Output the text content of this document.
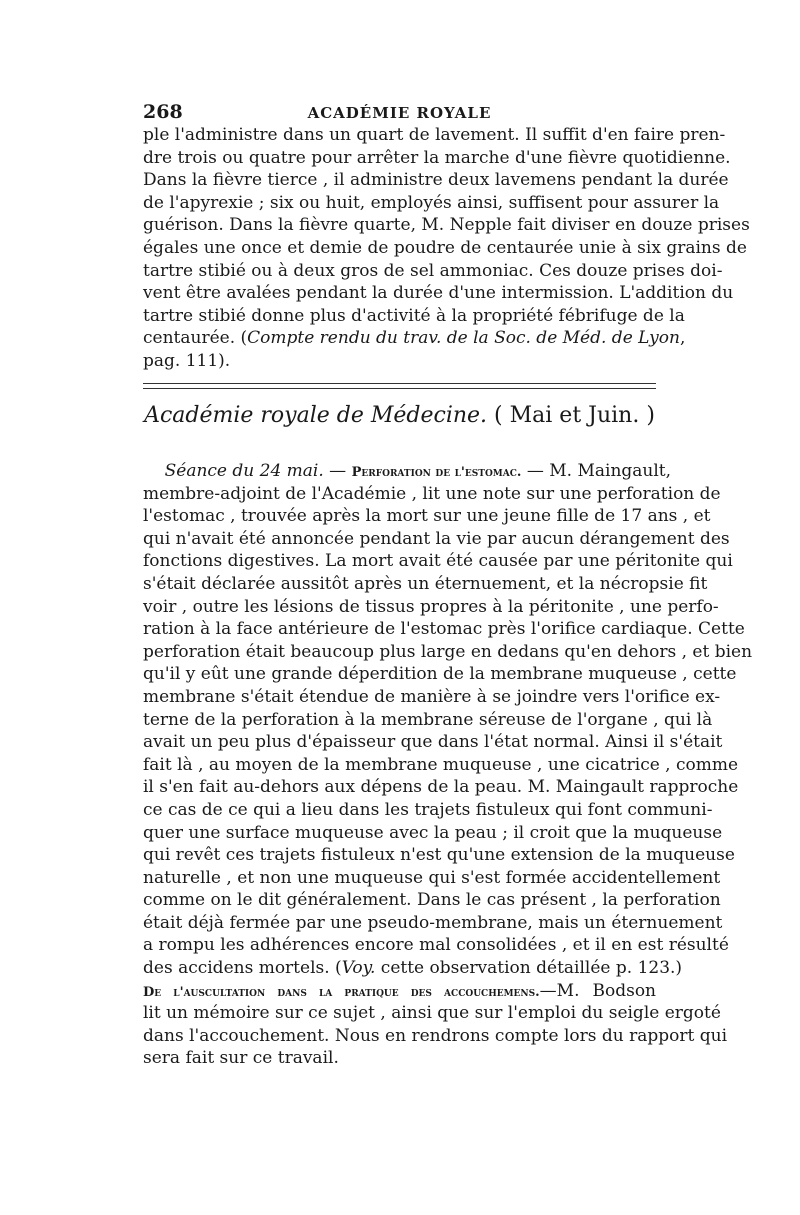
268	ACADÉMIE ROYALE
ple l'administre dans un quart de lavement. Il suffit d'en faire pren-
dre trois ou quatre pour arrêter la marche d'une fièvre quotidienne.
Dans la fièvre tierce , il administre deux lavemens pendant la durée
de l'apyrexie ; six ou huit, employés ainsi, suffisent pour assurer la
guérison. Dans la fièvre quarte, M. Nepple fait diviser en douze prises
égales une once et demie de poudre de centaurée unie à six grains de
tartre stibié ou à deux gros de sel ammoniac. Ces douze prises doi-
vent être avalées pendant la durée d'une intermission. L'addition du
tartre stibié donne plus d'activité à la propriété fébrifuge de la
centaurée. (Compte rendu du trav. de la Soc. de Méd. de Lyon,
pag. 111).
Académie royale de Médecine. ( Mai et Juin. )
Séance du 24 mai. — Perforation de l'estomac. — M. Maingault,
membre-adjoint de l'Académie , lit une note sur une perforation de
l'estomac , trouvée après la mort sur une jeune fille de 17 ans , et
qui n'avait été annoncée pendant la vie par aucun dérangement des
fonctions digestives. La mort avait été causée par une péritonite qui
s'était déclarée aussitôt après un éternuement, et la nécropsie fit
voir , outre les lésions de tissus propres à la péritonite , une perfo-
ration à la face antérieure de l'estomac près l'orifice cardiaque. Cette
perforation était beaucoup plus large en dedans qu'en dehors , et bien
qu'il y eût une grande déperdition de la membrane muqueuse , cette
membrane s'était étendue de manière à se joindre vers l'orifice ex-
terne de la perforation à la membrane séreuse de l'organe , qui là
avait un peu plus d'épaisseur que dans l'état normal. Ainsi il s'était
fait là , au moyen de la membrane muqueuse , une cicatrice , comme
il s'en fait au-dehors aux dépens de la peau. M. Maingault rapproche
ce cas de ce qui a lieu dans les trajets fistuleux qui font communi-
quer une surface muqueuse avec la peau ; il croit que la muqueuse
qui revêt ces trajets fistuleux n'est qu'une extension de la muqueuse
naturelle , et non une muqueuse qui s'est formée accidentellement
comme on le dit généralement. Dans le cas présent , la perforation
était déjà fermée par une pseudo-membrane, mais un éternuement
a rompu les adhérences encore mal consolidées , et il en est résulté
des accidens mortels. (Voy. cette observation détaillée p. 123.)
De l'auscultation dans la pratique des accouchemens.—M. Bodson
lit un mémoire sur ce sujet , ainsi que sur l'emploi du seigle ergoté
dans l'accouchement. Nous en rendrons compte lors du rapport qui
sera fait sur ce travail.
